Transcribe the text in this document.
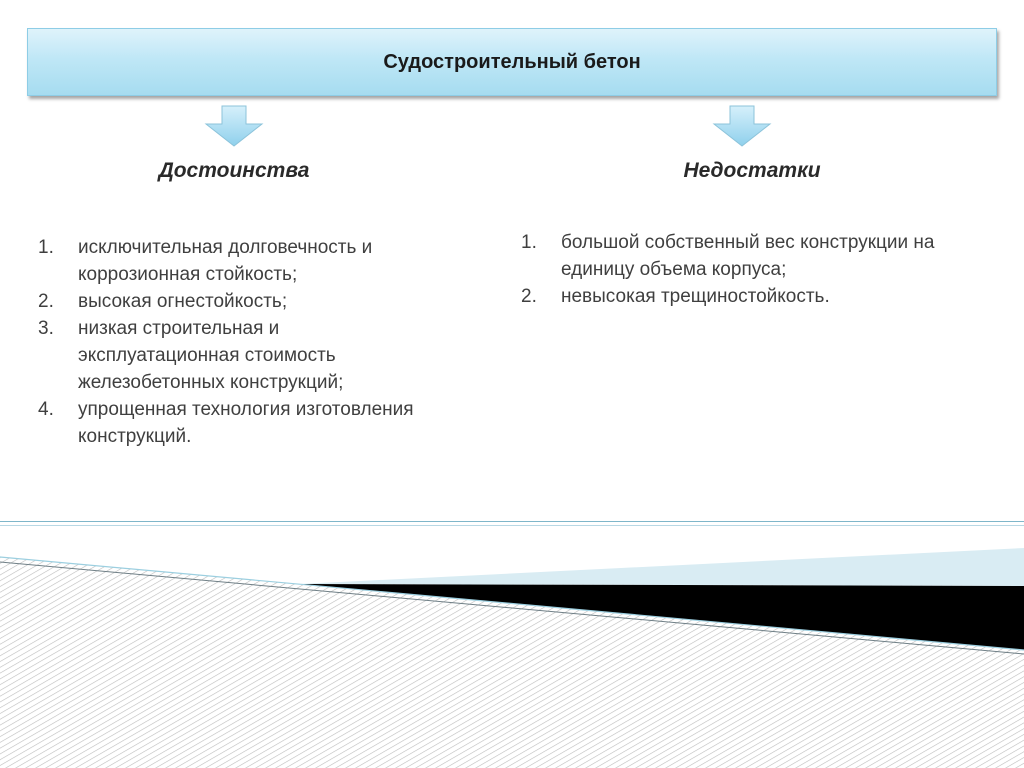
Судостроительный бетон
Достоинства	Недостатки
1. исключительная долговечность и коррозионная стойкость;
2. высокая огнестойкость;
3. низкая строительная и эксплуатационная стоимость железобетонных конструкций;
4. упрощенная технология изготовления конструкций.
1. большой собственный вес конструкции на единицу объема корпуса;
2. невысокая трещиностойкость.
